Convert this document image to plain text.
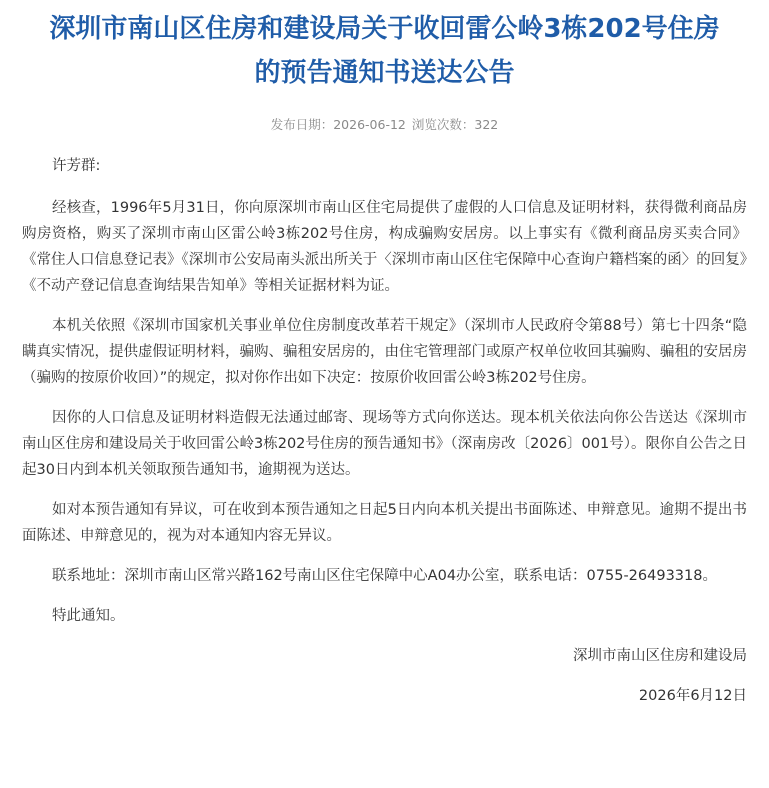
深圳市南山区住房和建设局关于收回雷公岭3栋202号住房
的预告通知书送达公告
发布日期：2026-06-12 浏览次数：322

许芳群:

经核查，1996年5月31日，你向原深圳市南山区住宅局提供了虚假的人口信息及证明材料，获得微利商品房购房资格，购买了深圳市南山区雷公岭3栋202号住房，构成骗购安居房。以上事实有《微利商品房买卖合同》《常住人口信息登记表》《深圳市公安局南头派出所关于〈深圳市南山区住宅保障中心查询户籍档案的函〉的回复》《不动产登记信息查询结果告知单》等相关证据材料为证。

本机关依照《深圳市国家机关事业单位住房制度改革若干规定》（深圳市人民政府令第88号）第七十四条“隐瞒真实情况，提供虚假证明材料，骗购、骗租安居房的，由住宅管理部门或原产权单位收回其骗购、骗租的安居房（骗购的按原价收回）”的规定，拟对你作出如下决定：按原价收回雷公岭3栋202号住房。

因你的人口信息及证明材料造假无法通过邮寄、现场等方式向你送达。现本机关依法向你公告送达《深圳市南山区住房和建设局关于收回雷公岭3栋202号住房的预告通知书》（深南房改〔2026〕001号）。限你自公告之日起30日内到本机关领取预告通知书，逾期视为送达。

如对本预告通知有异议，可在收到本预告通知之日起5日内向本机关提出书面陈述、申辩意见。逾期不提出书面陈述、申辩意见的，视为对本通知内容无异议。

联系地址：深圳市南山区常兴路162号南山区住宅保障中心A04办公室，联系电话：0755-26493318。

特此通知。

深圳市南山区住房和建设局
2026年6月12日
